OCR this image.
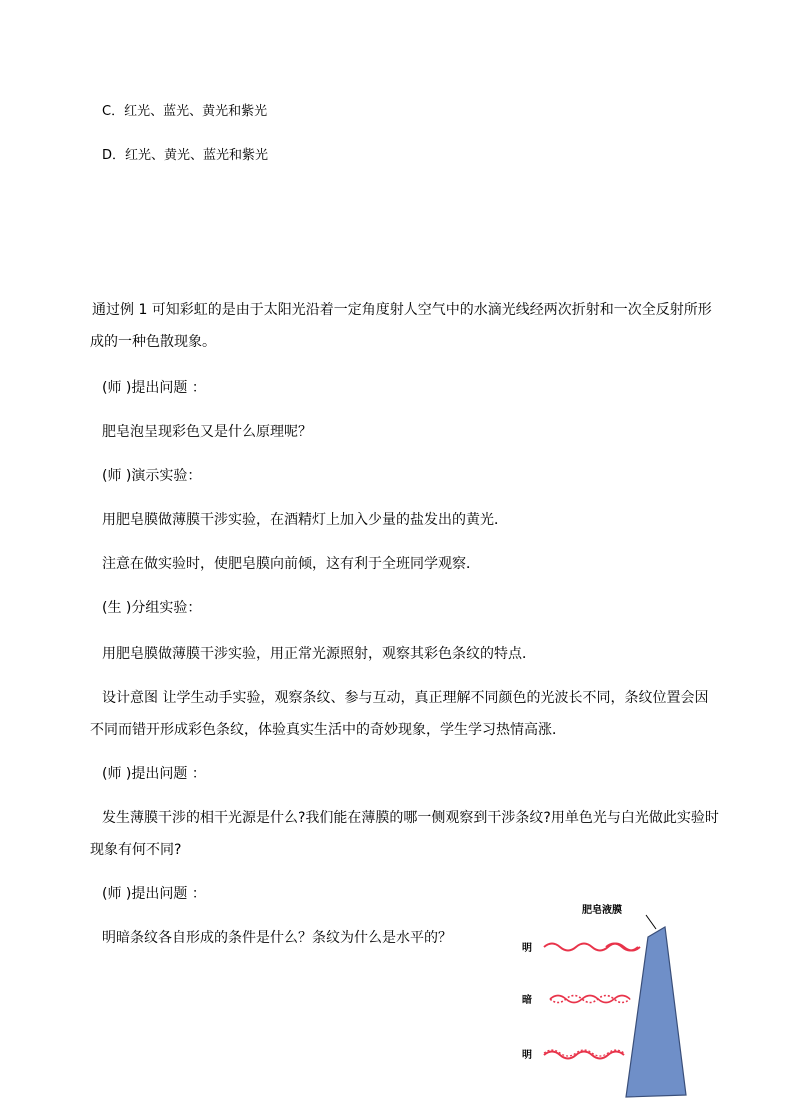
C．红光、蓝光、黄光和紫光
D．红光、黄光、蓝光和紫光
通过例 1 可知彩虹的是由于太阳光沿着一定角度射人空气中的水滴光线经两次折射和一次全反射所形
成的一种色散现象。
(师 )提出问题 ：
肥皂泡呈现彩色又是什么原理呢？
(师 )演示实验：
用肥皂膜做薄膜干涉实验，在酒精灯上加入少量的盐发出的黄光．
注意在做实验时，使肥皂膜向前倾，这有利于全班同学观察．
(生 )分组实验：
用肥皂膜做薄膜干涉实验，用正常光源照射，观察其彩色条纹的特点．
设计意图 让学生动手实验，观察条纹、参与互动，真正理解不同颜色的光波长不同，条纹位置会因
不同而错开形成彩色条纹，体验真实生活中的奇妙现象，学生学习热情高涨．
(师 )提出问题 ：
发生薄膜干涉的相干光源是什么?我们能在薄膜的哪一侧观察到干涉条纹?用单色光与白光做此实验时
现象有何不同?
(师 )提出问题 ：
明暗条纹各自形成的条件是什么？条纹为什么是水平的？
肥皂液膜
明
暗
明
